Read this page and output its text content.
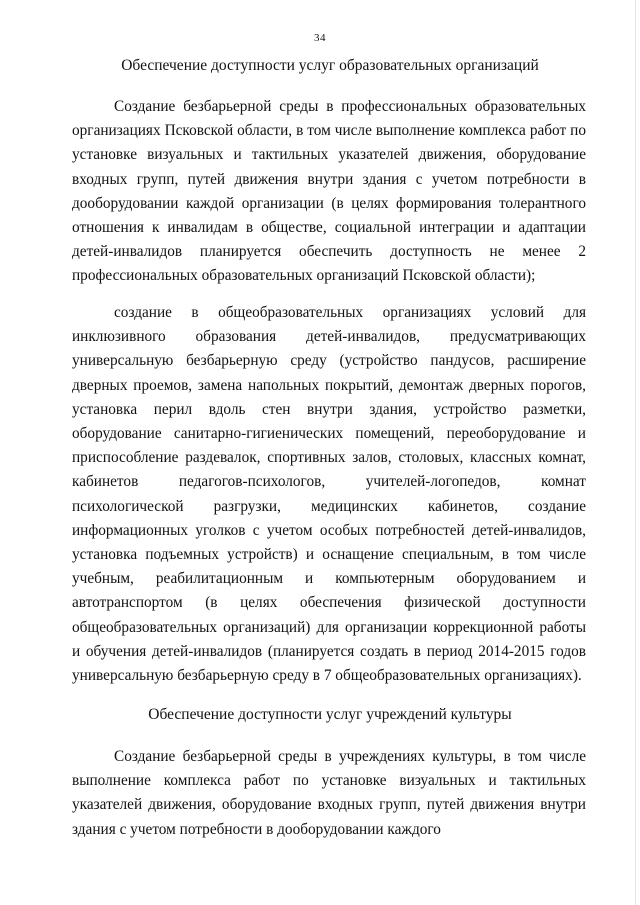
34
Обеспечение доступности услуг образовательных организаций

Создание безбарьерной среды в профессиональных образовательных организациях Псковской области, в том числе выполнение комплекса работ по установке визуальных и тактильных указателей движения, оборудование входных групп, путей движения внутри здания с учетом потребности в дооборудовании каждой организации (в целях формирования толерантного отношения к инвалидам в обществе, социальной интеграции и адаптации детей-инвалидов планируется обеспечить доступность не менее 2 профессиональных образовательных организаций Псковской области);

создание в общеобразовательных организациях условий для инклюзивного образования детей-инвалидов, предусматривающих универсальную безбарьерную среду (устройство пандусов, расширение дверных проемов, замена напольных покрытий, демонтаж дверных порогов, установка перил вдоль стен внутри здания, устройство разметки, оборудование санитарно-гигиенических помещений, переоборудование и приспособление раздевалок, спортивных залов, столовых, классных комнат, кабинетов педагогов-психологов, учителей-логопедов, комнат психологической разгрузки, медицинских кабинетов, создание информационных уголков с учетом особых потребностей детей-инвалидов, установка подъемных устройств) и оснащение специальным, в том числе учебным, реабилитационным и компьютерным оборудованием и автотранспортом (в целях обеспечения физической доступности общеобразовательных организаций) для организации коррекционной работы и обучения детей-инвалидов (планируется создать в период 2014-2015 годов универсальную безбарьерную среду в 7 общеобразовательных организациях).

Обеспечение доступности услуг учреждений культуры

Создание безбарьерной среды в учреждениях культуры, в том числе выполнение комплекса работ по установке визуальных и тактильных указателей движения, оборудование входных групп, путей движения внутри здания с учетом потребности в дооборудовании каждого
